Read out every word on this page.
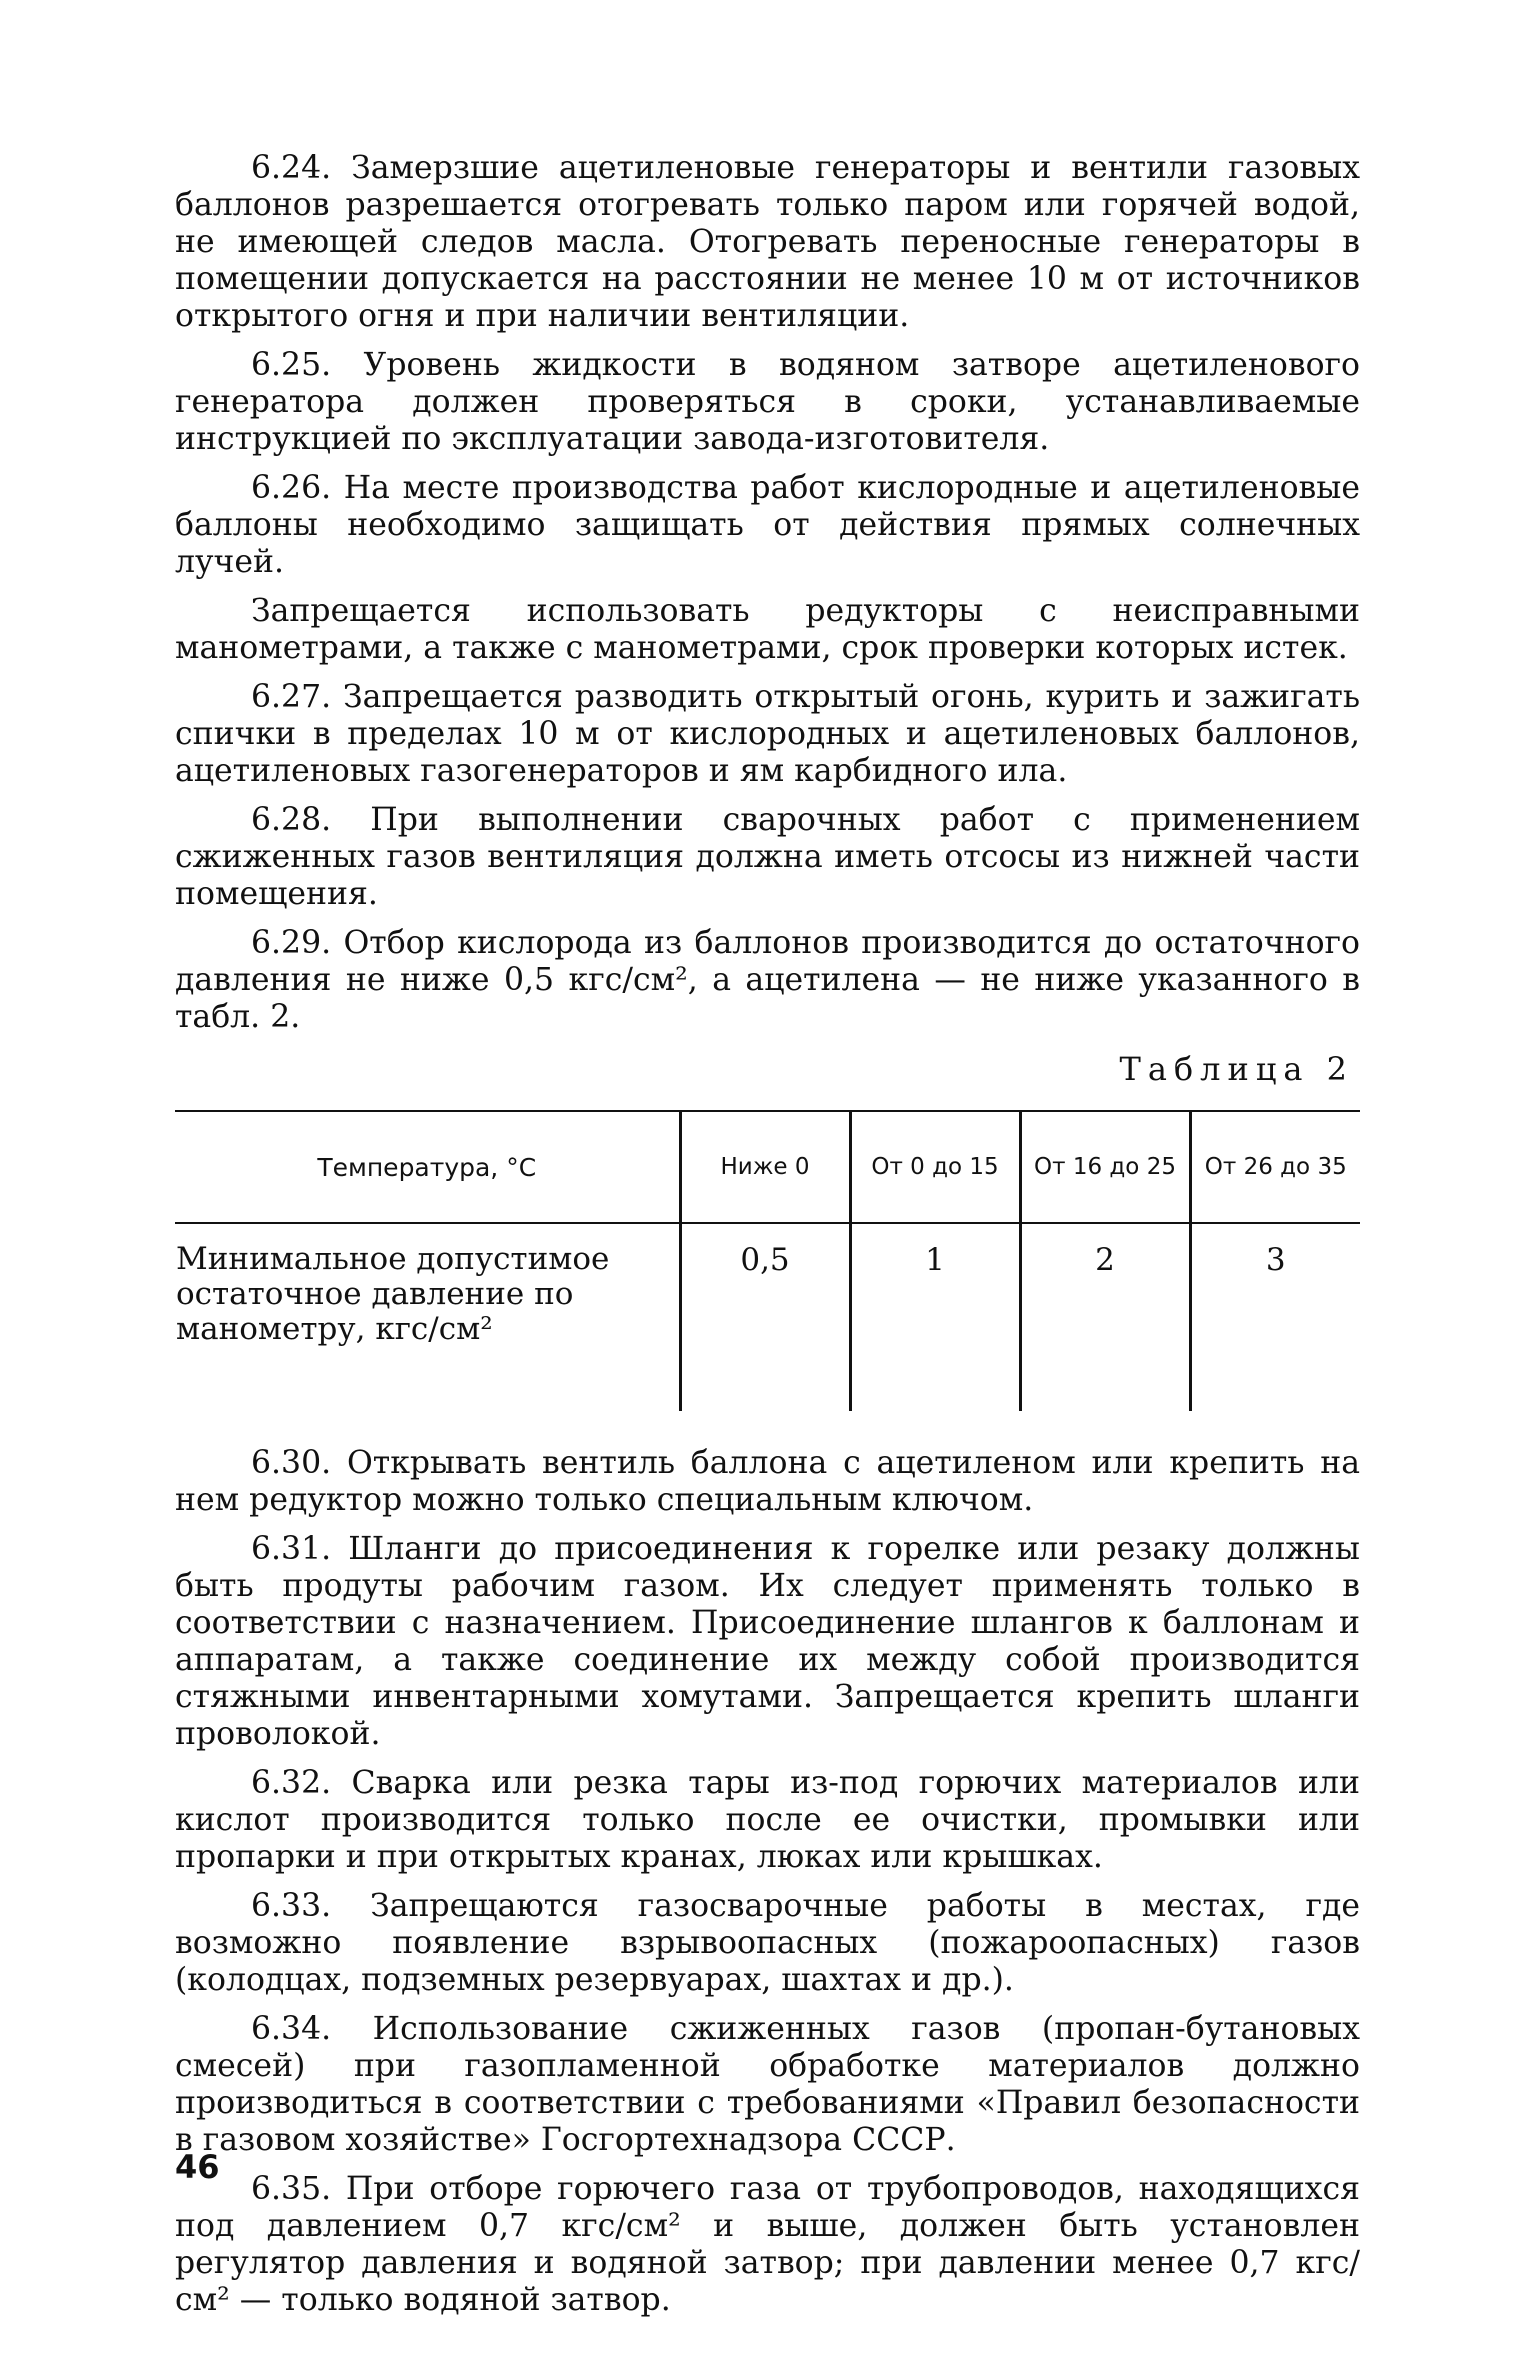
6.24. Замерзшие ацетиленовые генераторы и вентили газовых баллонов разрешается отогревать только паром или горячей водой, не имеющей следов масла. Отогревать переносные генераторы в помещении допускается на расстоянии не менее 10 м от источников открытого огня и при наличии вентиляции.

6.25. Уровень жидкости в водяном затворе ацетиленового генератора должен проверяться в сроки, устанавливаемые инструкцией по эксплуатации завода-изготовителя.

6.26. На месте производства работ кислородные и ацетиленовые баллоны необходимо защищать от действия прямых солнечных лучей.

Запрещается использовать редукторы с неисправными манометрами, а также с манометрами, срок проверки которых истек.

6.27. Запрещается разводить открытый огонь, курить и зажигать спички в пределах 10 м от кислородных и ацетиленовых баллонов, ацетиленовых газогенераторов и ям карбидного ила.

6.28. При выполнении сварочных работ с применением сжиженных газов вентиляция должна иметь отсосы из нижней части помещения.

6.29. Отбор кислорода из баллонов производится до остаточного давления не ниже 0,5 кгс/см², а ацетилена — не ниже указанного в табл. 2.

Таблица 2
Температура, °С	Ниже 0	От 0 до 15	От 16 до 25	От 26 до 35
Минимальное допустимое остаточное давление по манометру, кгс/см²	0,5	1	2	3

6.30. Открывать вентиль баллона с ацетиленом или крепить на нем редуктор можно только специальным ключом.

6.31. Шланги до присоединения к горелке или резаку должны быть продуты рабочим газом. Их следует применять только в соответствии с назначением. Присоединение шлангов к баллонам и аппаратам, а также соединение их между собой производится стяжными инвентарными хомутами. Запрещается крепить шланги проволокой.

6.32. Сварка или резка тары из-под горючих материалов или кислот производится только после ее очистки, промывки или пропарки и при открытых кранах, люках или крышках.

6.33. Запрещаются газосварочные работы в местах, где возможно появление взрывоопасных (пожароопасных) газов (колодцах, подземных резервуарах, шахтах и др.).

6.34. Использование сжиженных газов (пропан-бутановых смесей) при газопламенной обработке материалов должно производиться в соответствии с требованиями «Правил безопасности в газовом хозяйстве» Госгортехнадзора СССР.

6.35. При отборе горючего газа от трубопроводов, находящихся под давлением 0,7 кгс/см² и выше, должен быть установлен регулятор давления и водяной затвор; при давлении менее 0,7 кгс/см² — только водяной затвор.

46
